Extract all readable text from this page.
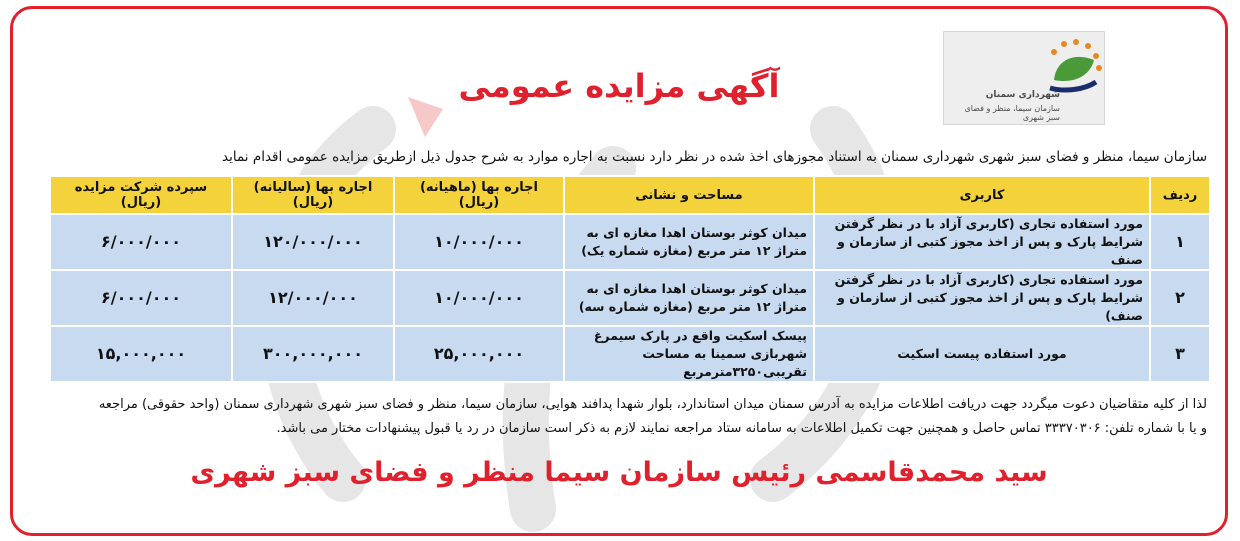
شهرداری سمنان
سازمان سیما، منظر و فضای سبز شهری
آگهی مزایده عمومی
سازمان سیما، منظر و فضای سبز شهری شهرداری سمنان به استناد مجوزهای اخذ شده در نظر دارد نسبت به اجاره موارد به شرح جدول ذیل ازطریق مزایده عمومی اقدام نماید
ردیف	کاربری	مساحت و نشانی	اجاره بها (ماهیانه) (ریال)	اجاره بها (سالیانه) (ریال)	سپرده شرکت مزایده (ریال)
۱	مورد استفاده تجاری (کاربری آزاد با در نظر گرفتن شرایط پارک و پس از اخذ مجوز کتبی از سازمان و صنف	میدان کوثر بوستان اهدا مغازه ای به متراژ ۱۲ متر مربع (مغازه شماره یک)	۱۰/۰۰۰/۰۰۰	۱۲۰/۰۰۰/۰۰۰	۶/۰۰۰/۰۰۰
۲	مورد استفاده تجاری (کاربری آزاد با در نظر گرفتن شرایط پارک و پس از اخذ مجوز کتبی از سازمان و صنف)	میدان کوثر بوستان اهدا مغازه ای به متراژ ۱۲ متر مربع (مغازه شماره سه)	۱۰/۰۰۰/۰۰۰	۱۲/۰۰۰/۰۰۰	۶/۰۰۰/۰۰۰
۳	مورد استفاده پیست اسکیت	پیسک اسکیت واقع در پارک سیمرغ شهربازی سمینا به مساحت تقریبی۳۲۵۰مترمربع	۲۵,۰۰۰,۰۰۰	۳۰۰,۰۰۰,۰۰۰	۱۵,۰۰۰,۰۰۰
لذا از کلیه متقاضیان دعوت میگردد جهت دریافت اطلاعات مزایده به آدرس سمنان میدان استاندارد، بلوار شهدا پدافند هوایی، سازمان سیما، منظر و فضای سبز شهری شهرداری سمنان (واحد حقوقی) مراجعه
و یا با شماره تلفن: ۳۳۳۷۰۳۰۶ تماس حاصل و همچنین جهت تکمیل اطلاعات به سامانه ستاد مراجعه نمایند لازم به ذکر است سازمان در رد یا قبول پیشنهادات مختار می باشد.
سید محمدقاسمی رئیس سازمان سیما منظر و فضای سبز شهری
